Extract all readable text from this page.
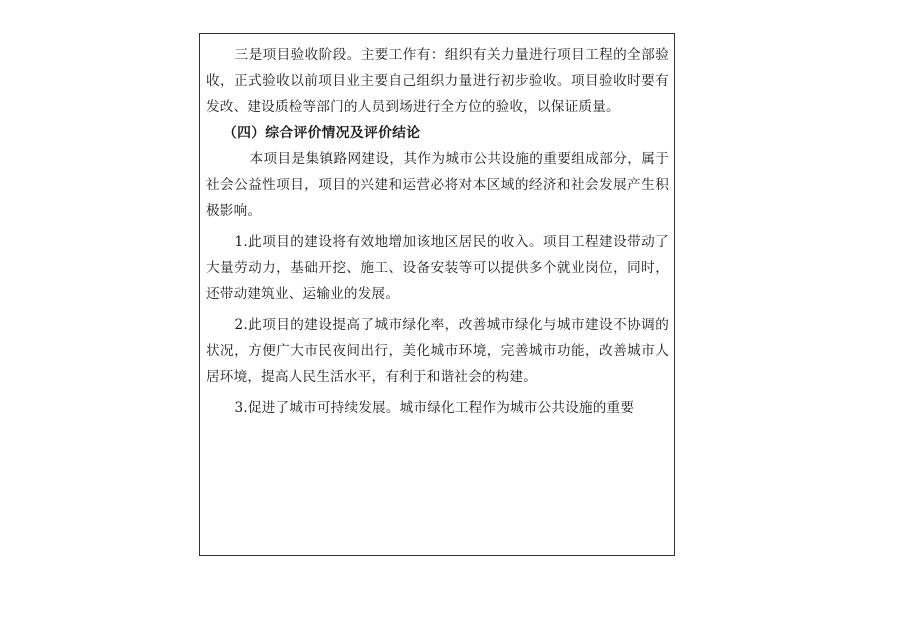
三是项目验收阶段。主要工作有：组织有关力量进行项目工程的全部验收，正式验收以前项目业主要自己组织力量进行初步验收。项目验收时要有发改、建设质检等部门的人员到场进行全方位的验收，以保证质量。

（四）综合评价情况及评价结论

本项目是集镇路网建设，其作为城市公共设施的重要组成部分，属于社会公益性项目，项目的兴建和运营必将对本区域的经济和社会发展产生积极影响。

1.此项目的建设将有效地增加该地区居民的收入。项目工程建设带动了大量劳动力，基础开挖、施工、设备安装等可以提供多个就业岗位，同时，还带动建筑业、运输业的发展。

2.此项目的建设提高了城市绿化率，改善城市绿化与城市建设不协调的状况，方便广大市民夜间出行，美化城市环境，完善城市功能，改善城市人居环境，提高人民生活水平，有利于和谐社会的构建。

3.促进了城市可持续发展。城市绿化工程作为城市公共设施的重要
